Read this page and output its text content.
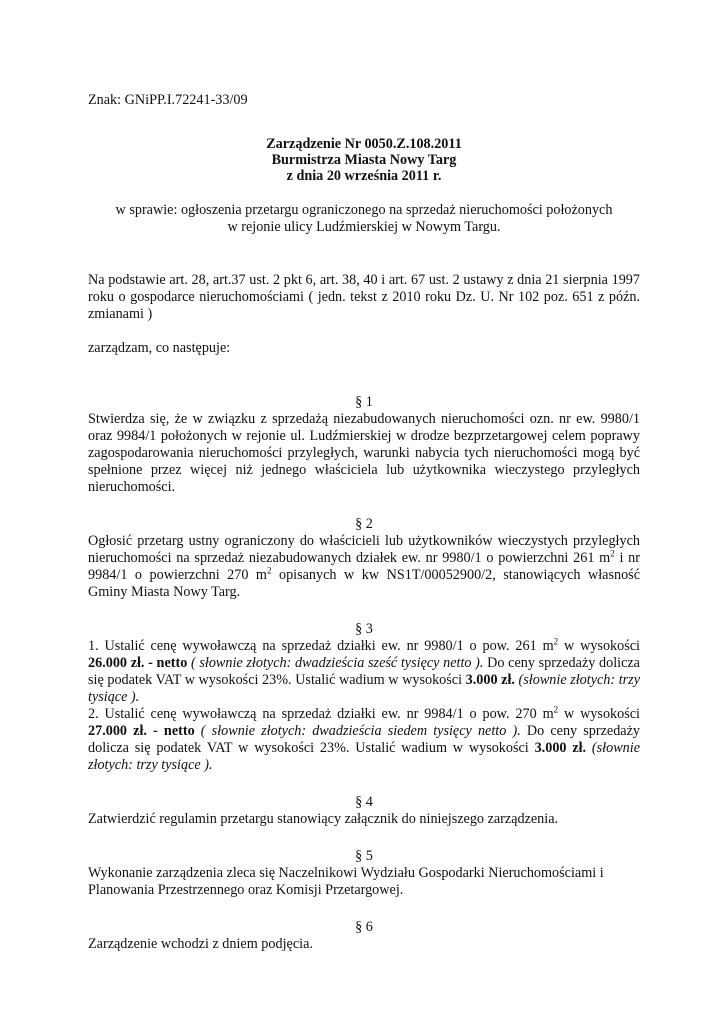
Znak: GNiPP.I.72241-33/09

Zarządzenie Nr 0050.Z.108.2011
Burmistrza Miasta Nowy Targ
z dnia 20 września 2011 r.
w sprawie: ogłoszenia przetargu ograniczonego na sprzedaż nieruchomości położonych
w rejonie ulicy Ludźmierskiej w Nowym Targu.

Na podstawie art. 28, art.37 ust. 2 pkt 6, art. 38, 40 i art. 67 ust. 2 ustawy z dnia 21 sierpnia 1997 roku o gospodarce nieruchomościami ( jedn. tekst z 2010 roku Dz. U. Nr 102 poz. 651 z późn. zmianami )

zarządzam, co następuje:

§ 1

Stwierdza się, że w związku z sprzedażą niezabudowanych nieruchomości ozn. nr ew. 9980/1 oraz 9984/1 położonych w rejonie ul. Ludźmierskiej w drodze bezprzetargowej celem poprawy zagospodarowania nieruchomości przyległych, warunki nabycia tych nieruchomości mogą być spełnione przez więcej niż jednego właściciela lub użytkownika wieczystego przyległych nieruchomości.

§ 2

Ogłosić przetarg ustny ograniczony do właścicieli lub użytkowników wieczystych przyległych nieruchomości na sprzedaż niezabudowanych działek ew. nr 9980/1 o powierzchni 261 $m^2$ i nr 9984/1 o powierzchni 270 $m^2$ opisanych w kw NS1T/00052900/2, stanowiących własność Gminy Miasta Nowy Targ.

§ 3

1. Ustalić cenę wywoławczą na sprzedaż działki ew. nr 9980/1 o pow. 261 $m^2$ w wysokości 26.000 zł. - netto ( słownie złotych: dwadzieścia sześć tysięcy netto ). Do ceny sprzedaży dolicza się podatek VAT w wysokości 23%. Ustalić wadium w wysokości 3.000 zł. (słownie złotych: trzy tysiące ).

2. Ustalić cenę wywoławczą na sprzedaż działki ew. nr 9984/1 o pow. 270 $m^2$ w wysokości 27.000 zł. - netto ( słownie złotych: dwadzieścia siedem tysięcy netto ). Do ceny sprzedaży dolicza się podatek VAT w wysokości 23%. Ustalić wadium w wysokości 3.000 zł. (słownie złotych: trzy tysiące ).

§ 4

Zatwierdzić regulamin przetargu stanowiący załącznik do niniejszego zarządzenia.

§ 5

Wykonanie zarządzenia zleca się Naczelnikowi Wydziału Gospodarki Nieruchomościami i

Planowania Przestrzennego oraz Komisji Przetargowej.

§ 6

Zarządzenie wchodzi z dniem podjęcia.
